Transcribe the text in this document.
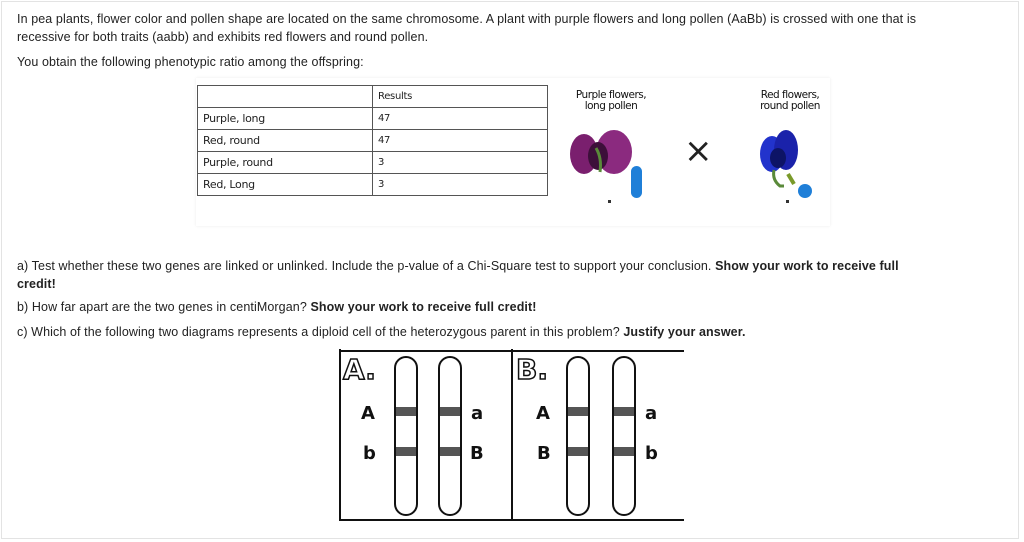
In pea plants, flower color and pollen shape are located on the same chromosome. A plant with purple flowers and long pollen (AaBb) is crossed with one that is
recessive for both traits (aabb) and exhibits red flowers and round pollen.
You obtain the following phenotypic ratio among the offspring:
	Results
Purple, long	47
Red, round	47
Purple, round	3
Red, Long	3
Purple flowers,
long pollen
Red flowers,
round pollen
×
a) Test whether these two genes are linked or unlinked. Include the p-value of a Chi-Square test to support your conclusion. Show your work to receive full
credit!
b) How far apart are the two genes in centiMorgan? Show your work to receive full credit!
c) Which of the following two diagrams represents a diploid cell of the heterozygous parent in this problem? Justify your answer.
A.
A
b
a
B
B.
A
B
a
b
